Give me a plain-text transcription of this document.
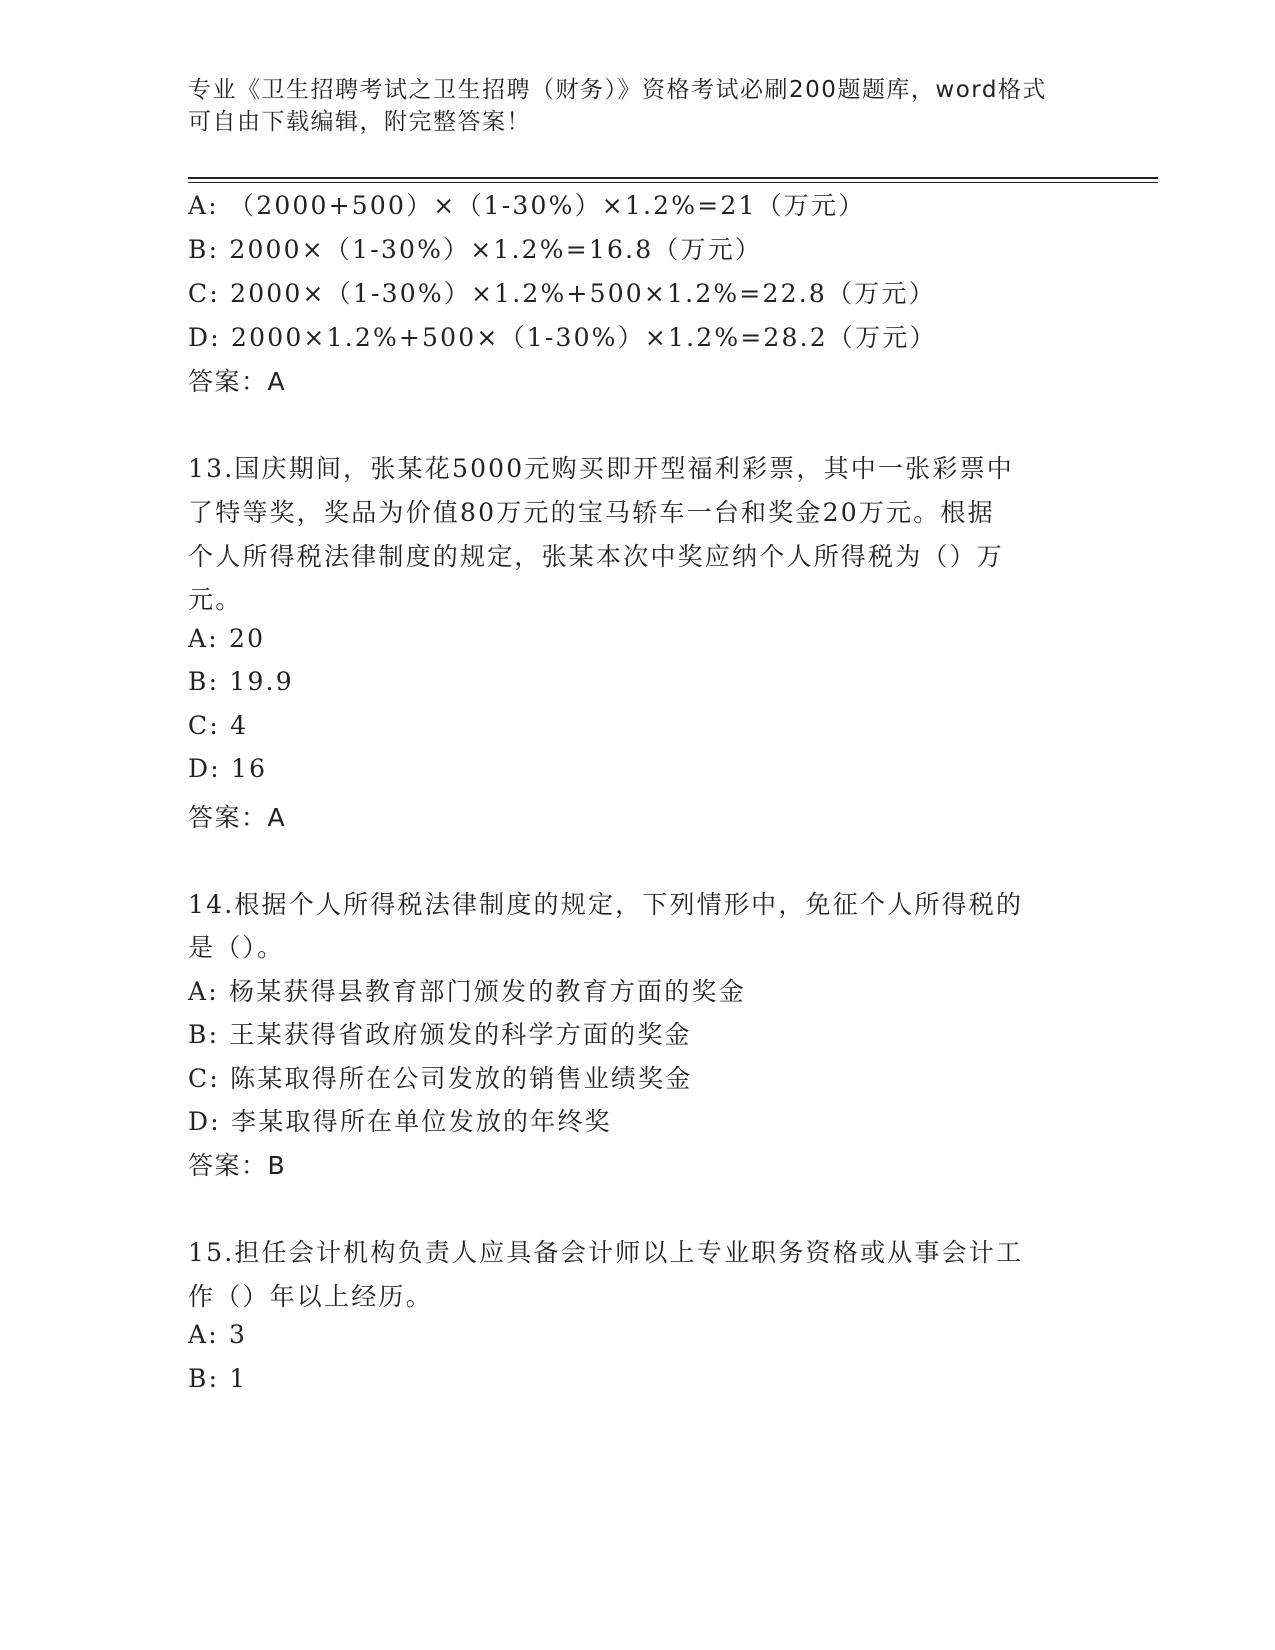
专业《卫生招聘考试之卫生招聘（财务）》资格考试必刷200题题库，word格式
可自由下载编辑，附完整答案！
A: （2000+500）×（1-30%）×1.2%=21（万元）
B: 2000×（1-30%）×1.2%=16.8（万元）
C: 2000×（1-30%）×1.2%+500×1.2%=22.8（万元）
D: 2000×1.2%+500×（1-30%）×1.2%=28.2（万元）
答案：A
13.国庆期间，张某花5000元购买即开型福利彩票，其中一张彩票中
了特等奖，奖品为价值80万元的宝马轿车一台和奖金20万元。根据
个人所得税法律制度的规定，张某本次中奖应纳个人所得税为（）万
元。
A: 20
B: 19.9
C: 4
D: 16
答案：A
14.根据个人所得税法律制度的规定，下列情形中，免征个人所得税的
是（）。
A: 杨某获得县教育部门颁发的教育方面的奖金
B: 王某获得省政府颁发的科学方面的奖金
C: 陈某取得所在公司发放的销售业绩奖金
D: 李某取得所在单位发放的年终奖
答案：B
15.担任会计机构负责人应具备会计师以上专业职务资格或从事会计工
作（）年以上经历。
A: 3
B: 1
